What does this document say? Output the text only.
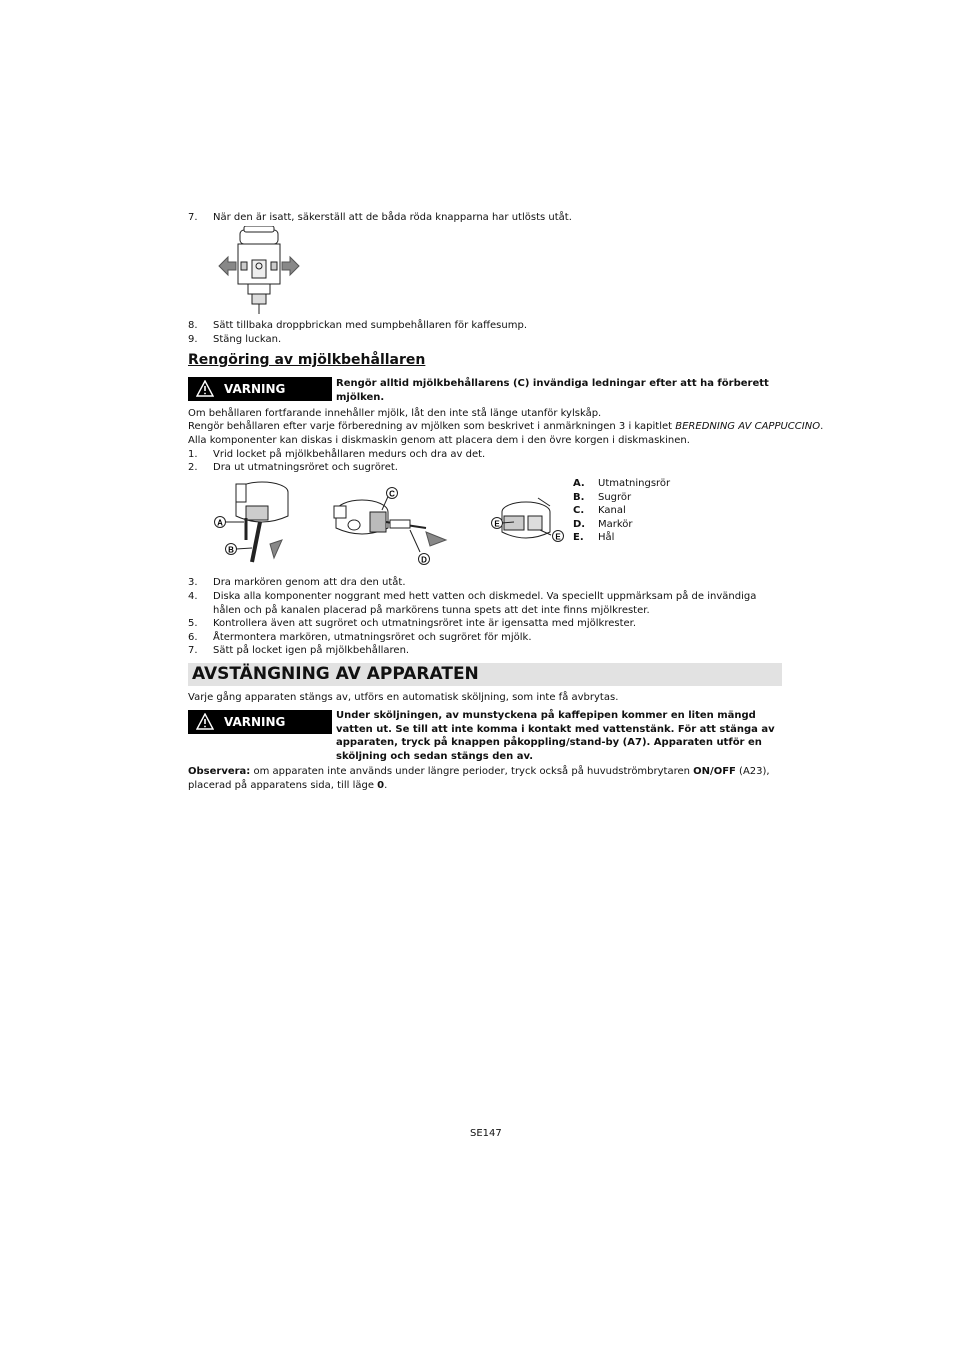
7. När den är isatt, säkerställ att de båda röda knapparna har utlösts utåt.
8. Sätt tillbaka droppbrickan med sumpbehållaren för kaffesump.
9. Stäng luckan.
Rengöring av mjölkbehållaren
VARNING	Rengör alltid mjölkbehållarens (C) invändiga ledningar efter att ha förberett mjölken.
Om behållaren fortfarande innehåller mjölk, låt den inte stå länge utanför kylskåp.
Rengör behållaren efter varje förberedning av mjölken som beskrivet i anmärkningen 3 i kapitlet BEREDNING AV CAPPUCCINO.
Alla komponenter kan diskas i diskmaskin genom att placera dem i den övre korgen i diskmaskinen.
1. Vrid locket på mjölkbehållaren medurs och dra av det.
2. Dra ut utmatningsröret och sugröret.
A
B
C
D
E
E
A. Utmatningsrör
B. Sugrör
C. Kanal
D. Markör
E. Hål
3. Dra markören genom att dra den utåt.
4. Diska alla komponenter noggrant med hett vatten och diskmedel. Va speciellt uppmärksam på de invändiga hålen och på kanalen placerad på markörens tunna spets att det inte finns mjölkrester.
5. Kontrollera även att sugröret och utmatningsröret inte är igensatta med mjölkrester.
6. Återmontera markören, utmatningsröret och sugröret för mjölk.
7. Sätt på locket igen på mjölkbehållaren.
AVSTÄNGNING AV APPARATEN
Varje gång apparaten stängs av, utförs en automatisk sköljning, som inte få avbrytas.
VARNING	Under sköljningen, av munstyckena på kaffepipen kommer en liten mängd vatten ut. Se till att inte komma i kontakt med vattenstänk. För att stänga av apparaten, tryck på knappen påkoppling/stand-by (A7). Apparaten utför en sköljning och sedan stängs den av.
Observera: om apparaten inte används under längre perioder, tryck också på huvudströmbrytaren ON/OFF (A23), placerad på apparatens sida, till läge 0.
SE147
